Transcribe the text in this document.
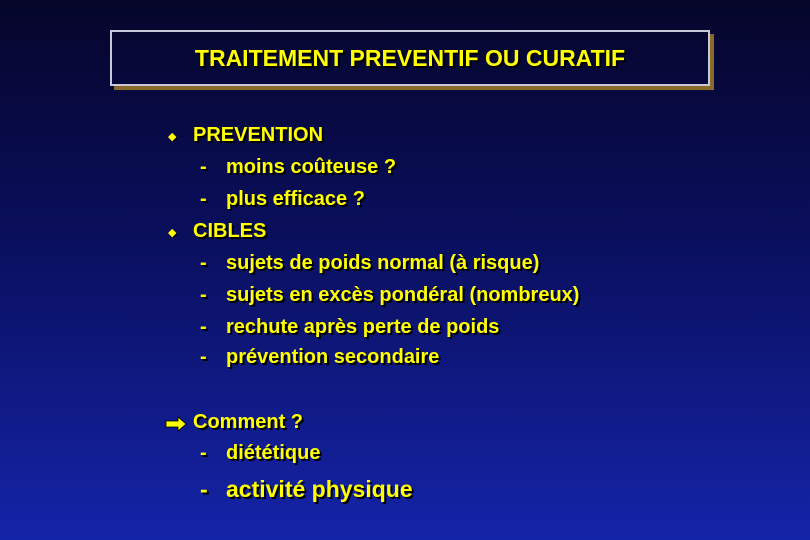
TRAITEMENT PREVENTIF OU CURATIF
◆ PREVENTION
- moins coûteuse ?
- plus efficace ?
◆ CIBLES
- sujets de poids normal (à risque)
- sujets en excès pondéral (nombreux)
- rechute après perte de poids
- prévention secondaire
Comment ?
- diététique
- activité physique
